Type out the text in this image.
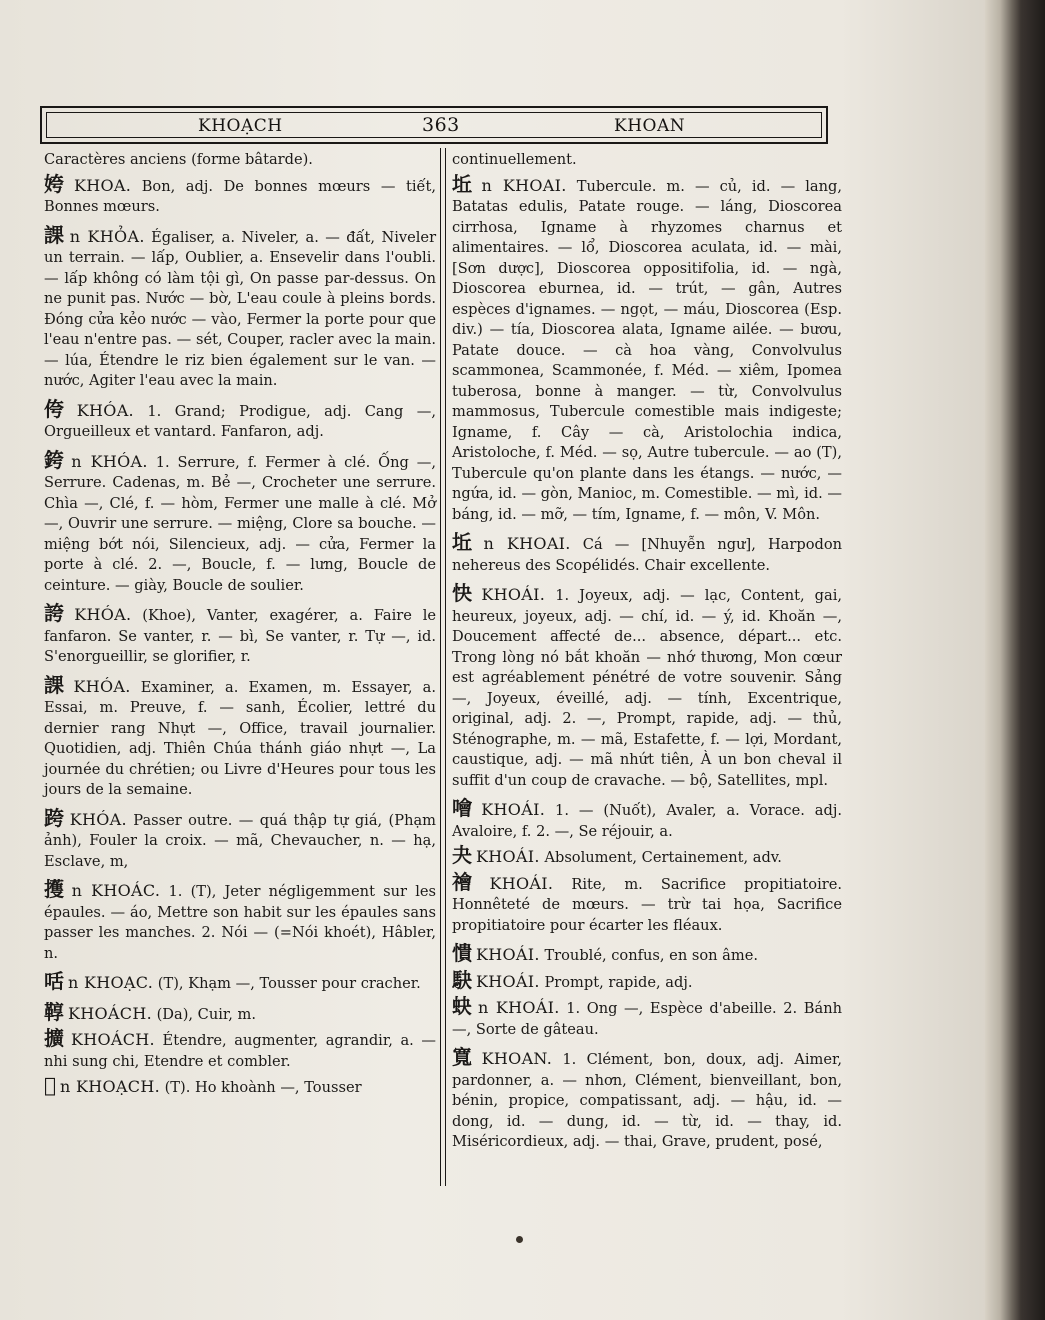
KHOẠCH	363	KHOAN

Caractères anciens (forme bâtarde).

姱 KHOA. Bon, adj. De bonnes mœurs — tiết, Bonnes mœurs.

課 n KHỎA. Égaliser, a. Niveler, a. — đất, Niveler un terrain. — lấp, Oublier, a. Ensevelir dans l'oubli. — lấp không có làm tội gì, On passe par-dessus. On ne punit pas. Nước — bờ, L'eau coule à pleins bords. Đóng cửa kẻo nước — vào, Fermer la porte pour que l'eau n'entre pas. — sét, Couper, racler avec la main. — lúa, Étendre le riz bien également sur le van. — nước, Agiter l'eau avec la main.

侉 KHÓA. 1. Grand; Prodigue, adj. Cang —, Orgueilleux et vantard. Fanfaron, adj.

銙 n KHÓA. 1. Serrure, f. Fermer à clé. Ống —, Serrure. Cadenas, m. Bẻ —, Crocheter une serrure. Chìa —, Clé, f. — hòm, Fermer une malle à clé. Mở —, Ouvrir une serrure. — miệng, Clore sa bouche. — miệng bớt nói, Silencieux, adj. — cửa, Fermer la porte à clé. 2. —, Boucle, f. — lưng, Boucle de ceinture. — giày, Boucle de soulier.

誇 KHÓA. (Khoe), Vanter, exagérer, a. Faire le fanfaron. Se vanter, r. — bì, Se vanter, r. Tự —, id. S'enorgueillir, se glorifier, r.

課 KHÓA. Examiner, a. Examen, m. Essayer, a. Essai, m. Preuve, f. — sanh, Écolier, lettré du dernier rang Nhựt —, Office, travail journalier. Quotidien, adj. Thiên Chúa thánh giáo nhựt —, La journée du chrétien; ou Livre d'Heures pour tous les jours de la semaine.

跨 KHÓA. Passer outre. — quá thập tự giá, (Phạm ảnh), Fouler la croix. — mã, Chevaucher, n. — hạ, Esclave, m,

擭 n KHOÁC. 1. (T), Jeter négligemment sur les épaules. — áo, Mettre son habit sur les épaules sans passer les manches. 2. Nói — (=Nói khoét), Hâbler, n.

咶 n KHOẠC. (T), Khạm —, Tousser pour cracher.

鞟 KHOÁCH. (Da), Cuir, m.

擴 KHOÁCH. Étendre, augmenter, agrandir, a. — nhi sung chi, Etendre et combler.

𠹾 n KHOẠCH. (T). Ho khoành —, Tousser

continuellement.

坵 n KHOAI. Tubercule. m. — củ, id. — lang, Batatas edulis, Patate rouge. — láng, Dioscorea cirrhosa, Igname à rhyzomes charnus et alimentaires. — lổ, Dioscorea aculata, id. — mài, [Sơn dược], Dioscorea oppositifolia, id. — ngà, Dioscorea eburnea, id. — trút, — gân, Autres espèces d'ignames. — ngọt, — máu, Dioscorea (Esp. div.) — tía, Dioscorea alata, Igname ailée. — bươu, Patate douce. — cà hoa vàng, Convolvulus scammonea, Scammonée, f. Méd. — xiêm, Ipomea tuberosa, bonne à manger. — từ, Convolvulus mammosus, Tubercule comestible mais indigeste; Igname, f. Cây — cà, Aristolochia indica, Aristoloche, f. Méd. — sọ, Autre tubercule. — ao (T), Tubercule qu'on plante dans les étangs. — nước, — ngứa, id. — gòn, Manioc, m. Comestible. — mì, id. — báng, id. — mỡ, — tím, Igname, f. — môn, V. Môn.

坵 n KHOAI. Cá — [Nhuyễn ngư], Harpodon nehereus des Scopélidés. Chair excellente.

快 KHOÁI. 1. Joyeux, adj. — lạc, Content, gai, heureux, joyeux, adj. — chí, id. — ý, id. Khoăn —, Doucement affecté de... absence, départ... etc. Trong lòng nó bắt khoăn — nhớ thương, Mon cœur est agréablement pénétré de votre souvenir. Sảng —, Joyeux, éveillé, adj. — tính, Excentrique, original, adj. 2. —, Prompt, rapide, adj. — thủ, Sténographe, m. — mã, Estafette, f. — lợi, Mordant, caustique, adj. — mã nhứt tiên, À un bon cheval il suffit d'un coup de cravache. — bộ, Satellites, mpl.

噲 KHOÁI. 1. — (Nuốt), Avaler, a. Vorace. adj. Avaloire, f. 2. —, Se réjouir, a.

夬 KHOÁI. Absolument, Certainement, adv.

禬 KHOÁI. Rite, m. Sacrifice propitiatoire. Honnêteté de mœurs. — trừ tai họa, Sacrifice propitiatoire pour écarter les fléaux.

憒 KHOÁI. Troublé, confus, en son âme.

駃 KHOÁI. Prompt, rapide, adj.

蚗 n KHOÁI. 1. Ong —, Espèce d'abeille. 2. Bánh —, Sorte de gâteau.

寬 KHOAN. 1. Clément, bon, doux, adj. Aimer, pardonner, a. — nhơn, Clément, bienveillant, bon, bénin, propice, compatissant, adj. — hậu, id. — dong, id. — dung, id. — từ, id. — thay, id. Miséricordieux, adj. — thai, Grave, prudent, posé,
